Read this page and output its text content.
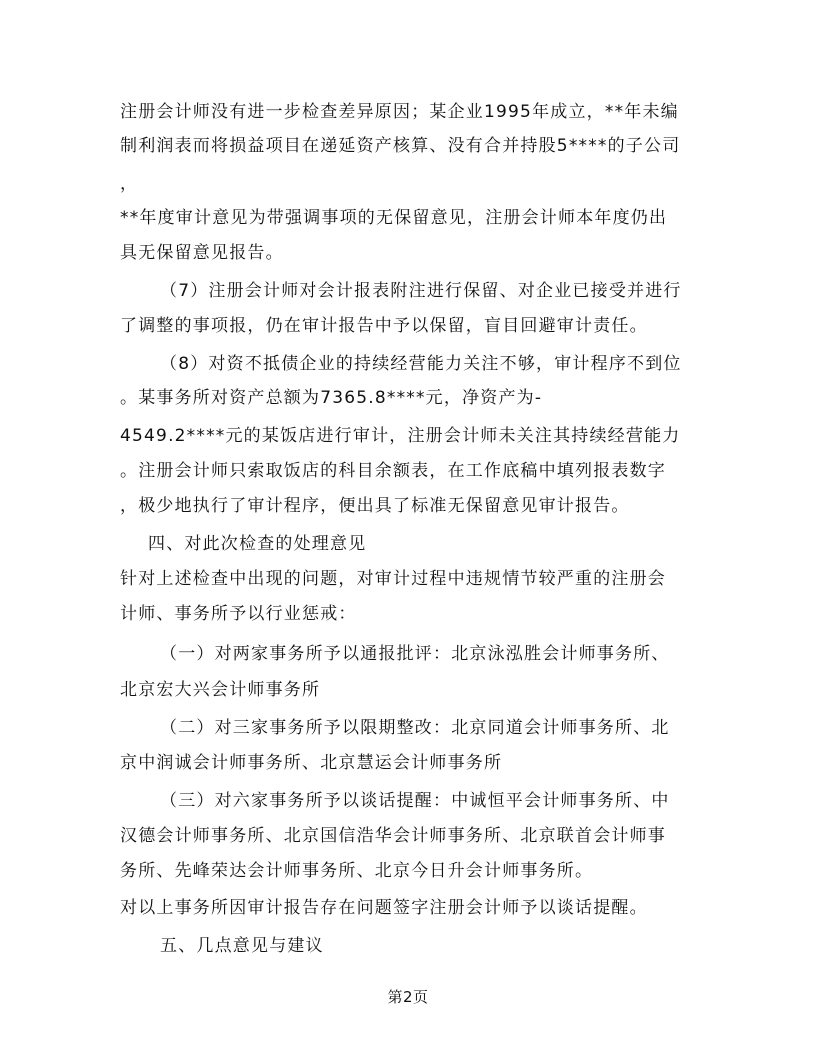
注册会计师没有进一步检查差异原因；某企业1995年成立，**年未编
制利润表而将损益项目在递延资产核算、没有合并持股5****的子公司
，
**年度审计意见为带强调事项的无保留意见，注册会计师本年度仍出
具无保留意见报告。
（7）注册会计师对会计报表附注进行保留、对企业已接受并进行
了调整的事项报，仍在审计报告中予以保留，盲目回避审计责任。
（8）对资不抵债企业的持续经营能力关注不够，审计程序不到位
。某事务所对资产总额为7365.8****元，净资产为-
4549.2****元的某饭店进行审计，注册会计师未关注其持续经营能力
。注册会计师只索取饭店的科目余额表，在工作底稿中填列报表数字
，极少地执行了审计程序，便出具了标准无保留意见审计报告。
四、对此次检查的处理意见
针对上述检查中出现的问题，对审计过程中违规情节较严重的注册会
计师、事务所予以行业惩戒：
（一）对两家事务所予以通报批评：北京泳泓胜会计师事务所、
北京宏大兴会计师事务所
（二）对三家事务所予以限期整改：北京同道会计师事务所、北
京中润诚会计师事务所、北京慧运会计师事务所
（三）对六家事务所予以谈话提醒：中诚恒平会计师事务所、中
汉德会计师事务所、北京国信浩华会计师事务所、北京联首会计师事
务所、先峰荣达会计师事务所、北京今日升会计师事务所。
对以上事务所因审计报告存在问题签字注册会计师予以谈话提醒。
五、几点意见与建议
第2页
